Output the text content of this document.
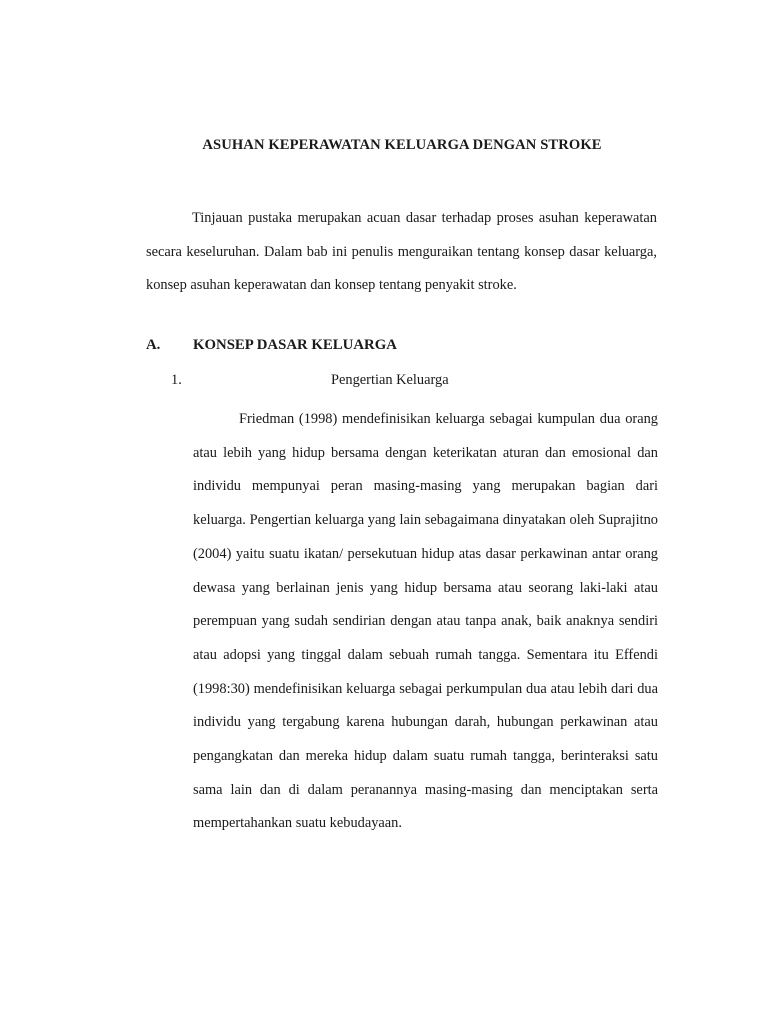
ASUHAN KEPERAWATAN KELUARGA DENGAN STROKE

Tinjauan pustaka merupakan acuan dasar terhadap proses asuhan keperawatan secara keseluruhan. Dalam bab ini penulis menguraikan tentang konsep dasar keluarga, konsep asuhan keperawatan dan konsep tentang penyakit stroke.

A. KONSEP DASAR KELUARGA
1.	Pengertian Keluarga

Friedman (1998) mendefinisikan keluarga sebagai kumpulan dua orang atau lebih yang hidup bersama dengan keterikatan aturan dan emosional dan individu mempunyai peran masing-masing yang merupakan bagian dari keluarga. Pengertian keluarga yang lain sebagaimana dinyatakan oleh Suprajitno (2004) yaitu suatu ikatan/ persekutuan hidup atas dasar perkawinan antar orang dewasa yang berlainan jenis yang hidup bersama atau seorang laki-laki atau perempuan yang sudah sendirian dengan atau tanpa anak, baik anaknya sendiri atau adopsi yang tinggal dalam sebuah rumah tangga. Sementara itu Effendi (1998:30) mendefinisikan keluarga sebagai perkumpulan dua atau lebih dari dua individu yang tergabung karena hubungan darah, hubungan perkawinan atau pengangkatan dan mereka hidup dalam suatu rumah tangga, berinteraksi satu sama lain dan di dalam peranannya masing-masing dan menciptakan serta mempertahankan suatu kebudayaan.
